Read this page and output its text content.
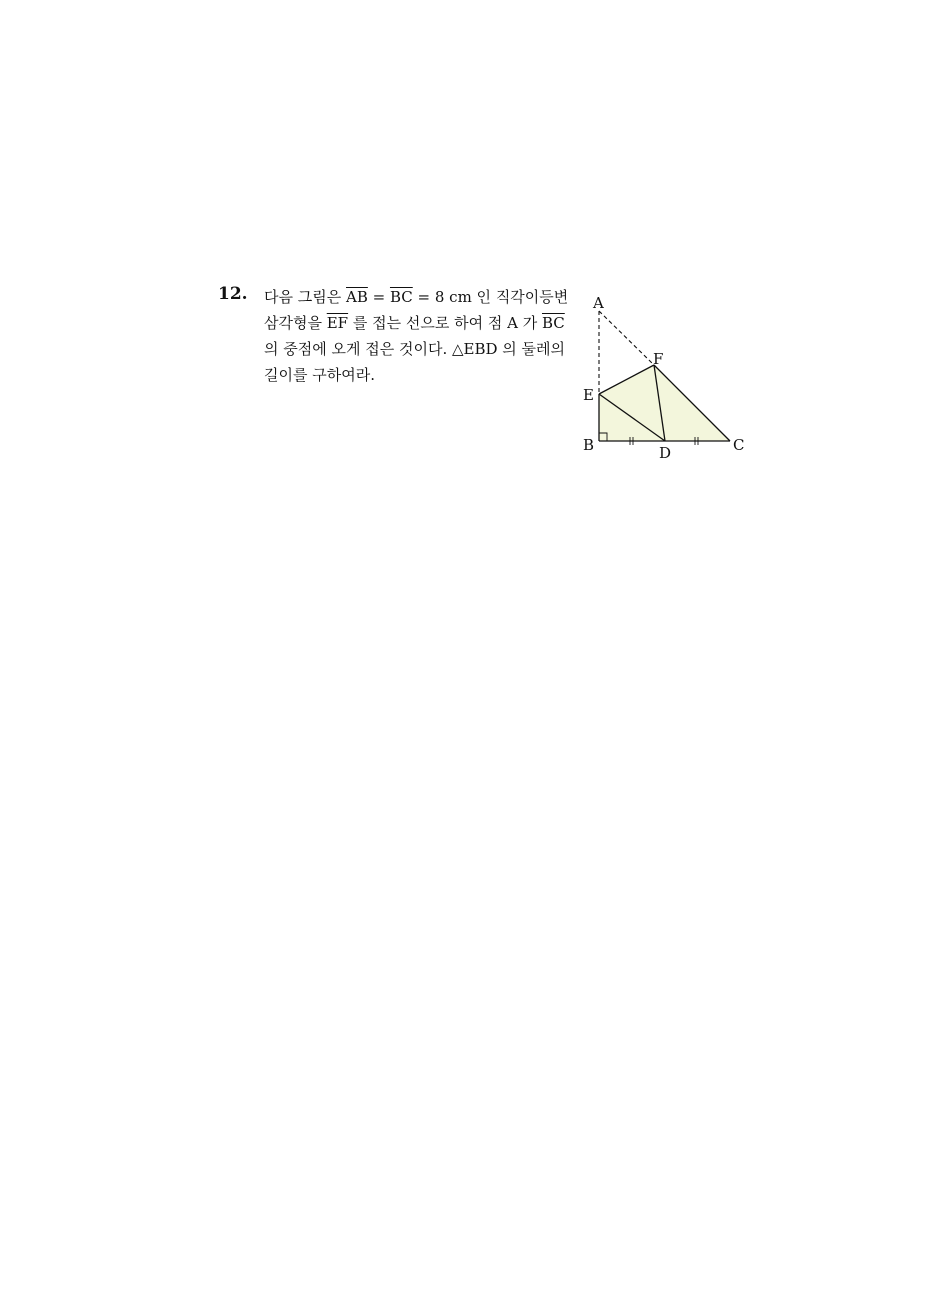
12. 다음 그림은 $\overline{AB} = \overline{BC} = 8$ cm 인 직각이등변
삼각형을 $\overline{EF}$ 를 접는 선으로 하여 점 A 가 $\overline{BC}$
의 중점에 오게 접은 것이다. △EBD 의 둘레의
길이를 구하여라.
A
F
E
B	D	C
